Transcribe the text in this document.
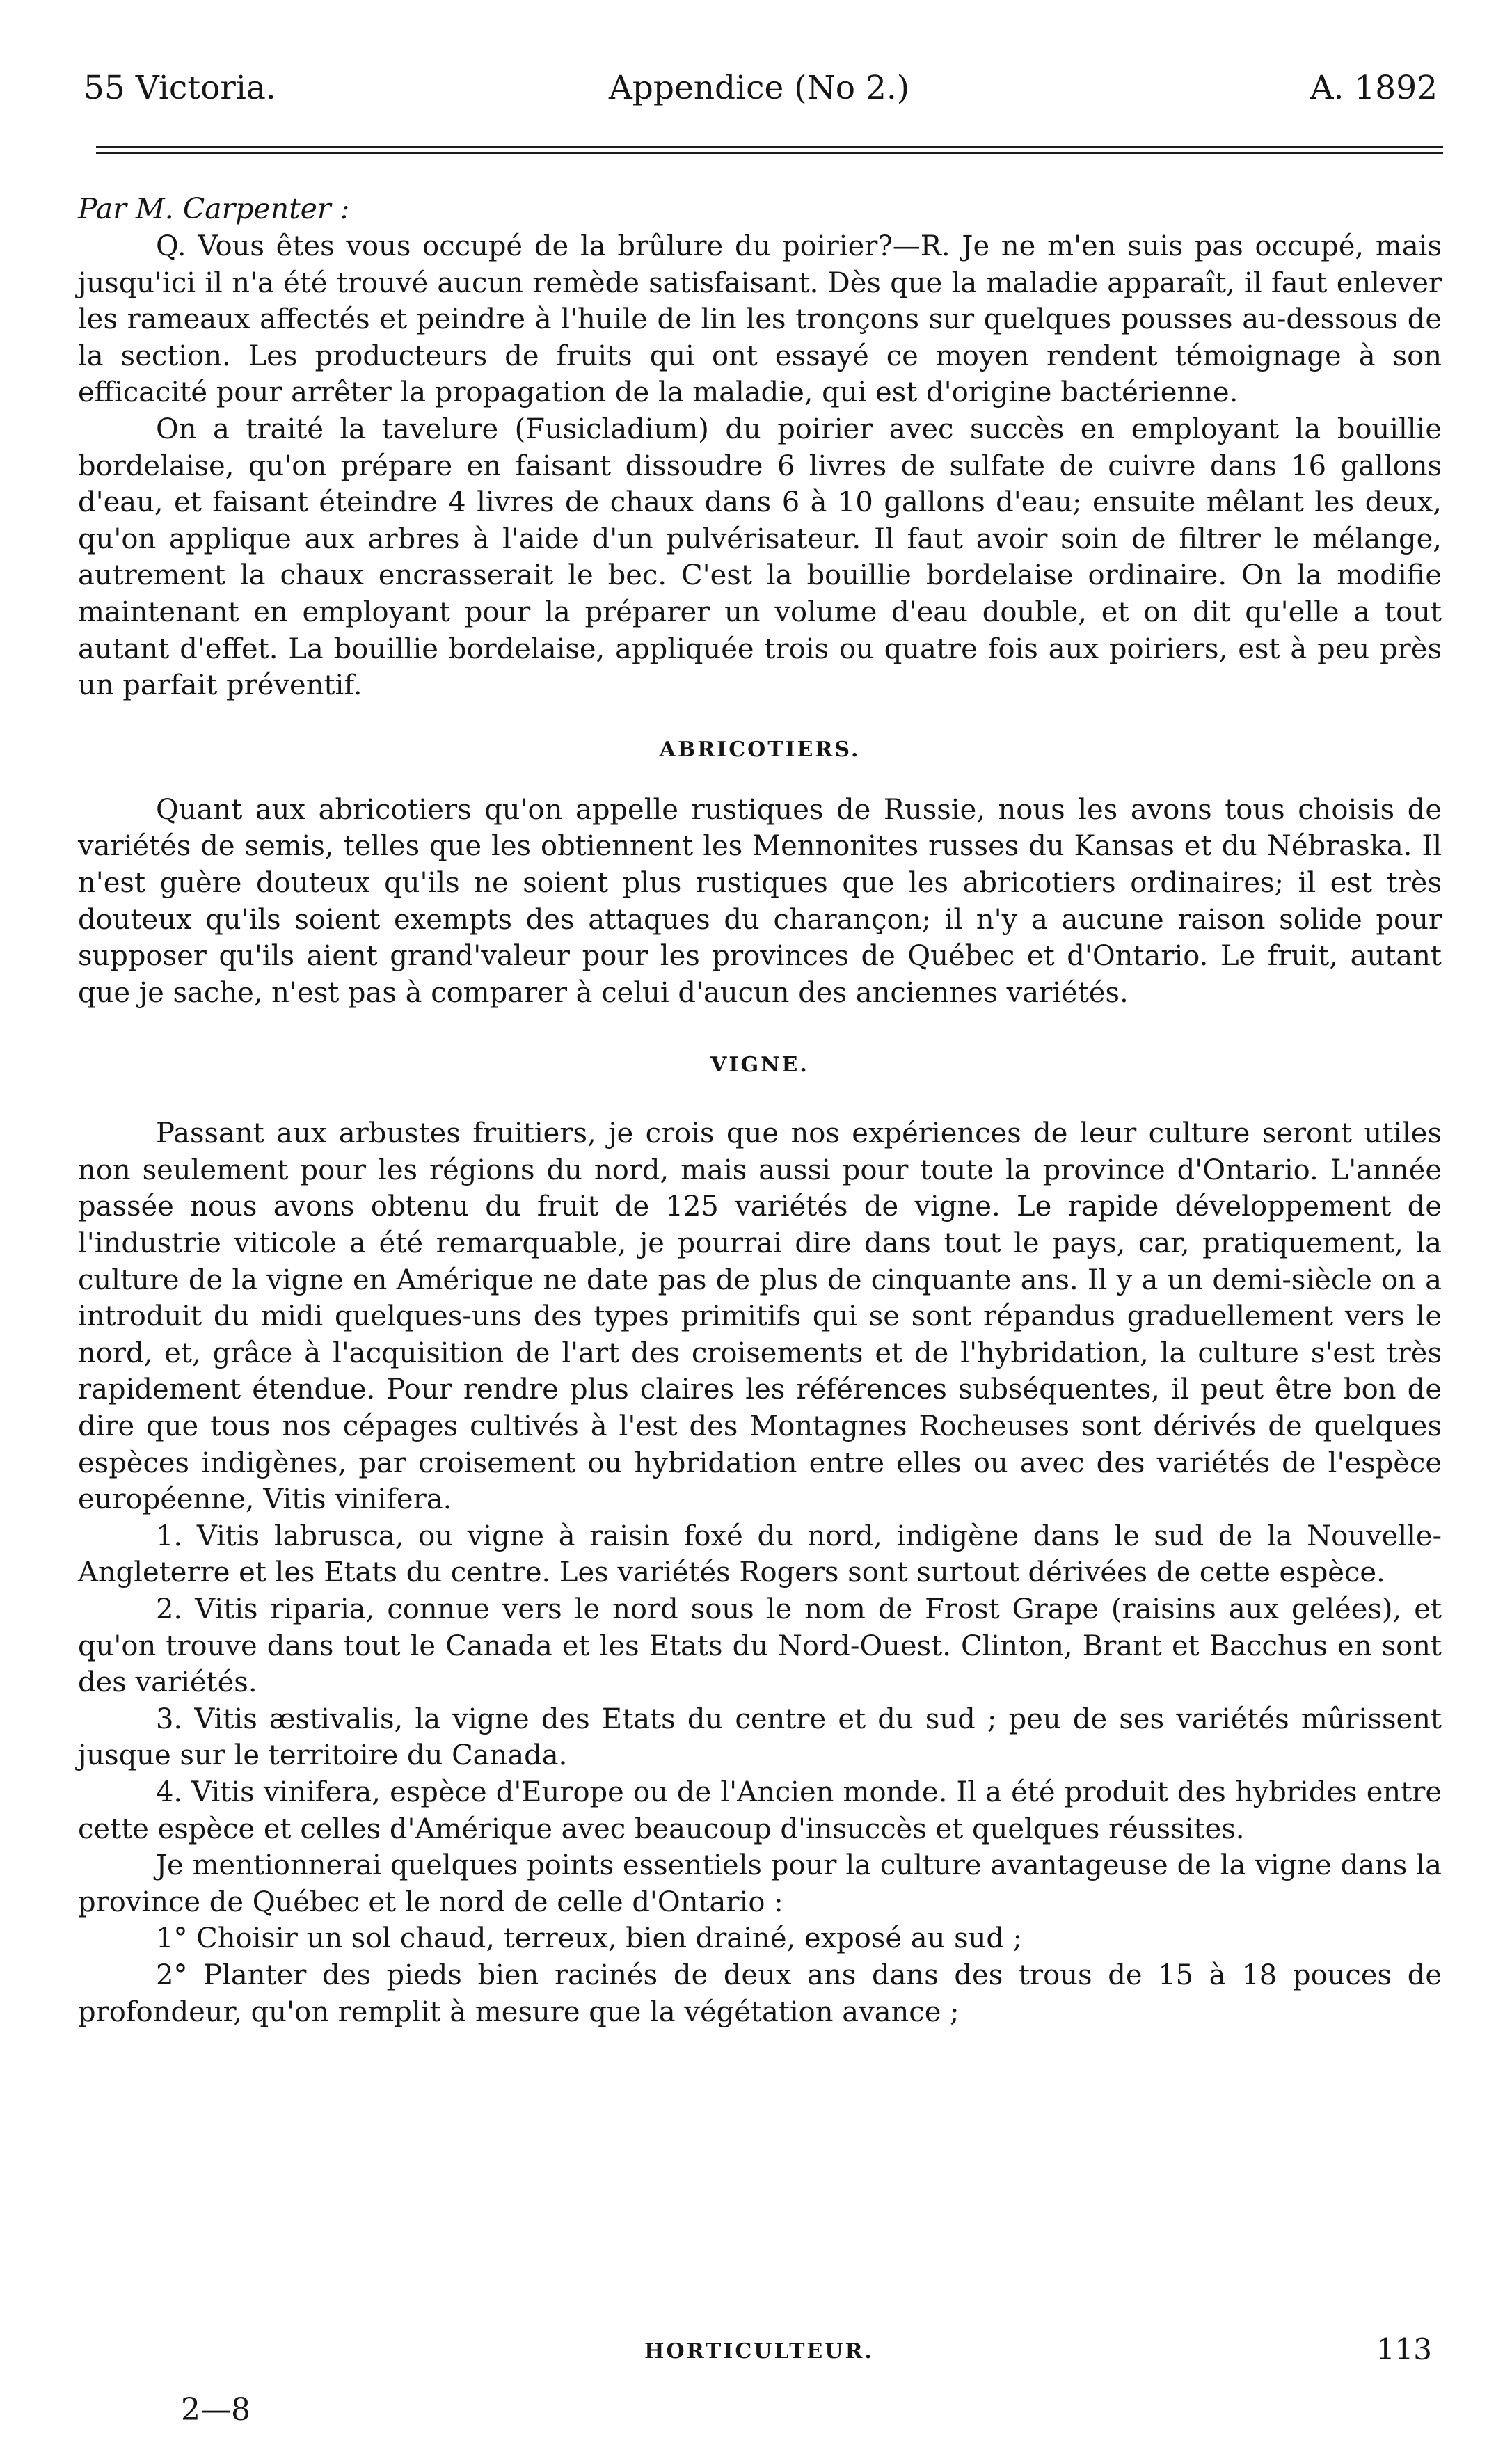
55 Victoria.	Appendice (No 2.)	A. 1892

Par M. Carpenter :

Q. Vous êtes vous occupé de la brûlure du poirier?—R. Je ne m'en suis pas occupé, mais jusqu'ici il n'a été trouvé aucun remède satisfaisant. Dès que la maladie apparaît, il faut enlever les rameaux affectés et peindre à l'huile de lin les tronçons sur quelques pousses au-dessous de la section. Les producteurs de fruits qui ont essayé ce moyen rendent témoignage à son efficacité pour arrêter la propagation de la maladie, qui est d'origine bactérienne.

On a traité la tavelure (Fusicladium) du poirier avec succès en employant la bouillie bordelaise, qu'on prépare en faisant dissoudre 6 livres de sulfate de cuivre dans 16 gallons d'eau, et faisant éteindre 4 livres de chaux dans 6 à 10 gallons d'eau; ensuite mêlant les deux, qu'on applique aux arbres à l'aide d'un pulvérisateur. Il faut avoir soin de filtrer le mélange, autrement la chaux encrasserait le bec. C'est la bouillie bordelaise ordinaire. On la modifie maintenant en employant pour la préparer un volume d'eau double, et on dit qu'elle a tout autant d'effet. La bouillie bordelaise, appliquée trois ou quatre fois aux poiriers, est à peu près un parfait préventif.

ABRICOTIERS.

Quant aux abricotiers qu'on appelle rustiques de Russie, nous les avons tous choisis de variétés de semis, telles que les obtiennent les Mennonites russes du Kansas et du Nébraska. Il n'est guère douteux qu'ils ne soient plus rustiques que les abricotiers ordinaires; il est très douteux qu'ils soient exempts des attaques du charançon; il n'y a aucune raison solide pour supposer qu'ils aient grand'valeur pour les provinces de Québec et d'Ontario. Le fruit, autant que je sache, n'est pas à comparer à celui d'aucun des anciennes variétés.

VIGNE.

Passant aux arbustes fruitiers, je crois que nos expériences de leur culture seront utiles non seulement pour les régions du nord, mais aussi pour toute la province d'Ontario. L'année passée nous avons obtenu du fruit de 125 variétés de vigne. Le rapide développement de l'industrie viticole a été remarquable, je pourrai dire dans tout le pays, car, pratiquement, la culture de la vigne en Amérique ne date pas de plus de cinquante ans. Il y a un demi-siècle on a introduit du midi quelques-uns des types primitifs qui se sont répandus graduellement vers le nord, et, grâce à l'acquisition de l'art des croisements et de l'hybridation, la culture s'est très rapidement étendue. Pour rendre plus claires les références subséquentes, il peut être bon de dire que tous nos cépages cultivés à l'est des Montagnes Rocheuses sont dérivés de quelques espèces indigènes, par croisement ou hybridation entre elles ou avec des variétés de l'espèce européenne, Vitis vinifera.

1. Vitis labrusca, ou vigne à raisin foxé du nord, indigène dans le sud de la Nouvelle-Angleterre et les Etats du centre. Les variétés Rogers sont surtout dérivées de cette espèce.

2. Vitis riparia, connue vers le nord sous le nom de Frost Grape (raisins aux gelées), et qu'on trouve dans tout le Canada et les Etats du Nord-Ouest. Clinton, Brant et Bacchus en sont des variétés.

3. Vitis æstivalis, la vigne des Etats du centre et du sud ; peu de ses variétés mûrissent jusque sur le territoire du Canada.

4. Vitis vinifera, espèce d'Europe ou de l'Ancien monde. Il a été produit des hybrides entre cette espèce et celles d'Amérique avec beaucoup d'insuccès et quelques réussites.

Je mentionnerai quelques points essentiels pour la culture avantageuse de la vigne dans la province de Québec et le nord de celle d'Ontario :

1° Choisir un sol chaud, terreux, bien drainé, exposé au sud ;

2° Planter des pieds bien racinés de deux ans dans des trous de 15 à 18 pouces de profondeur, qu'on remplit à mesure que la végétation avance ;

HORTICULTEUR.	113
2—8
